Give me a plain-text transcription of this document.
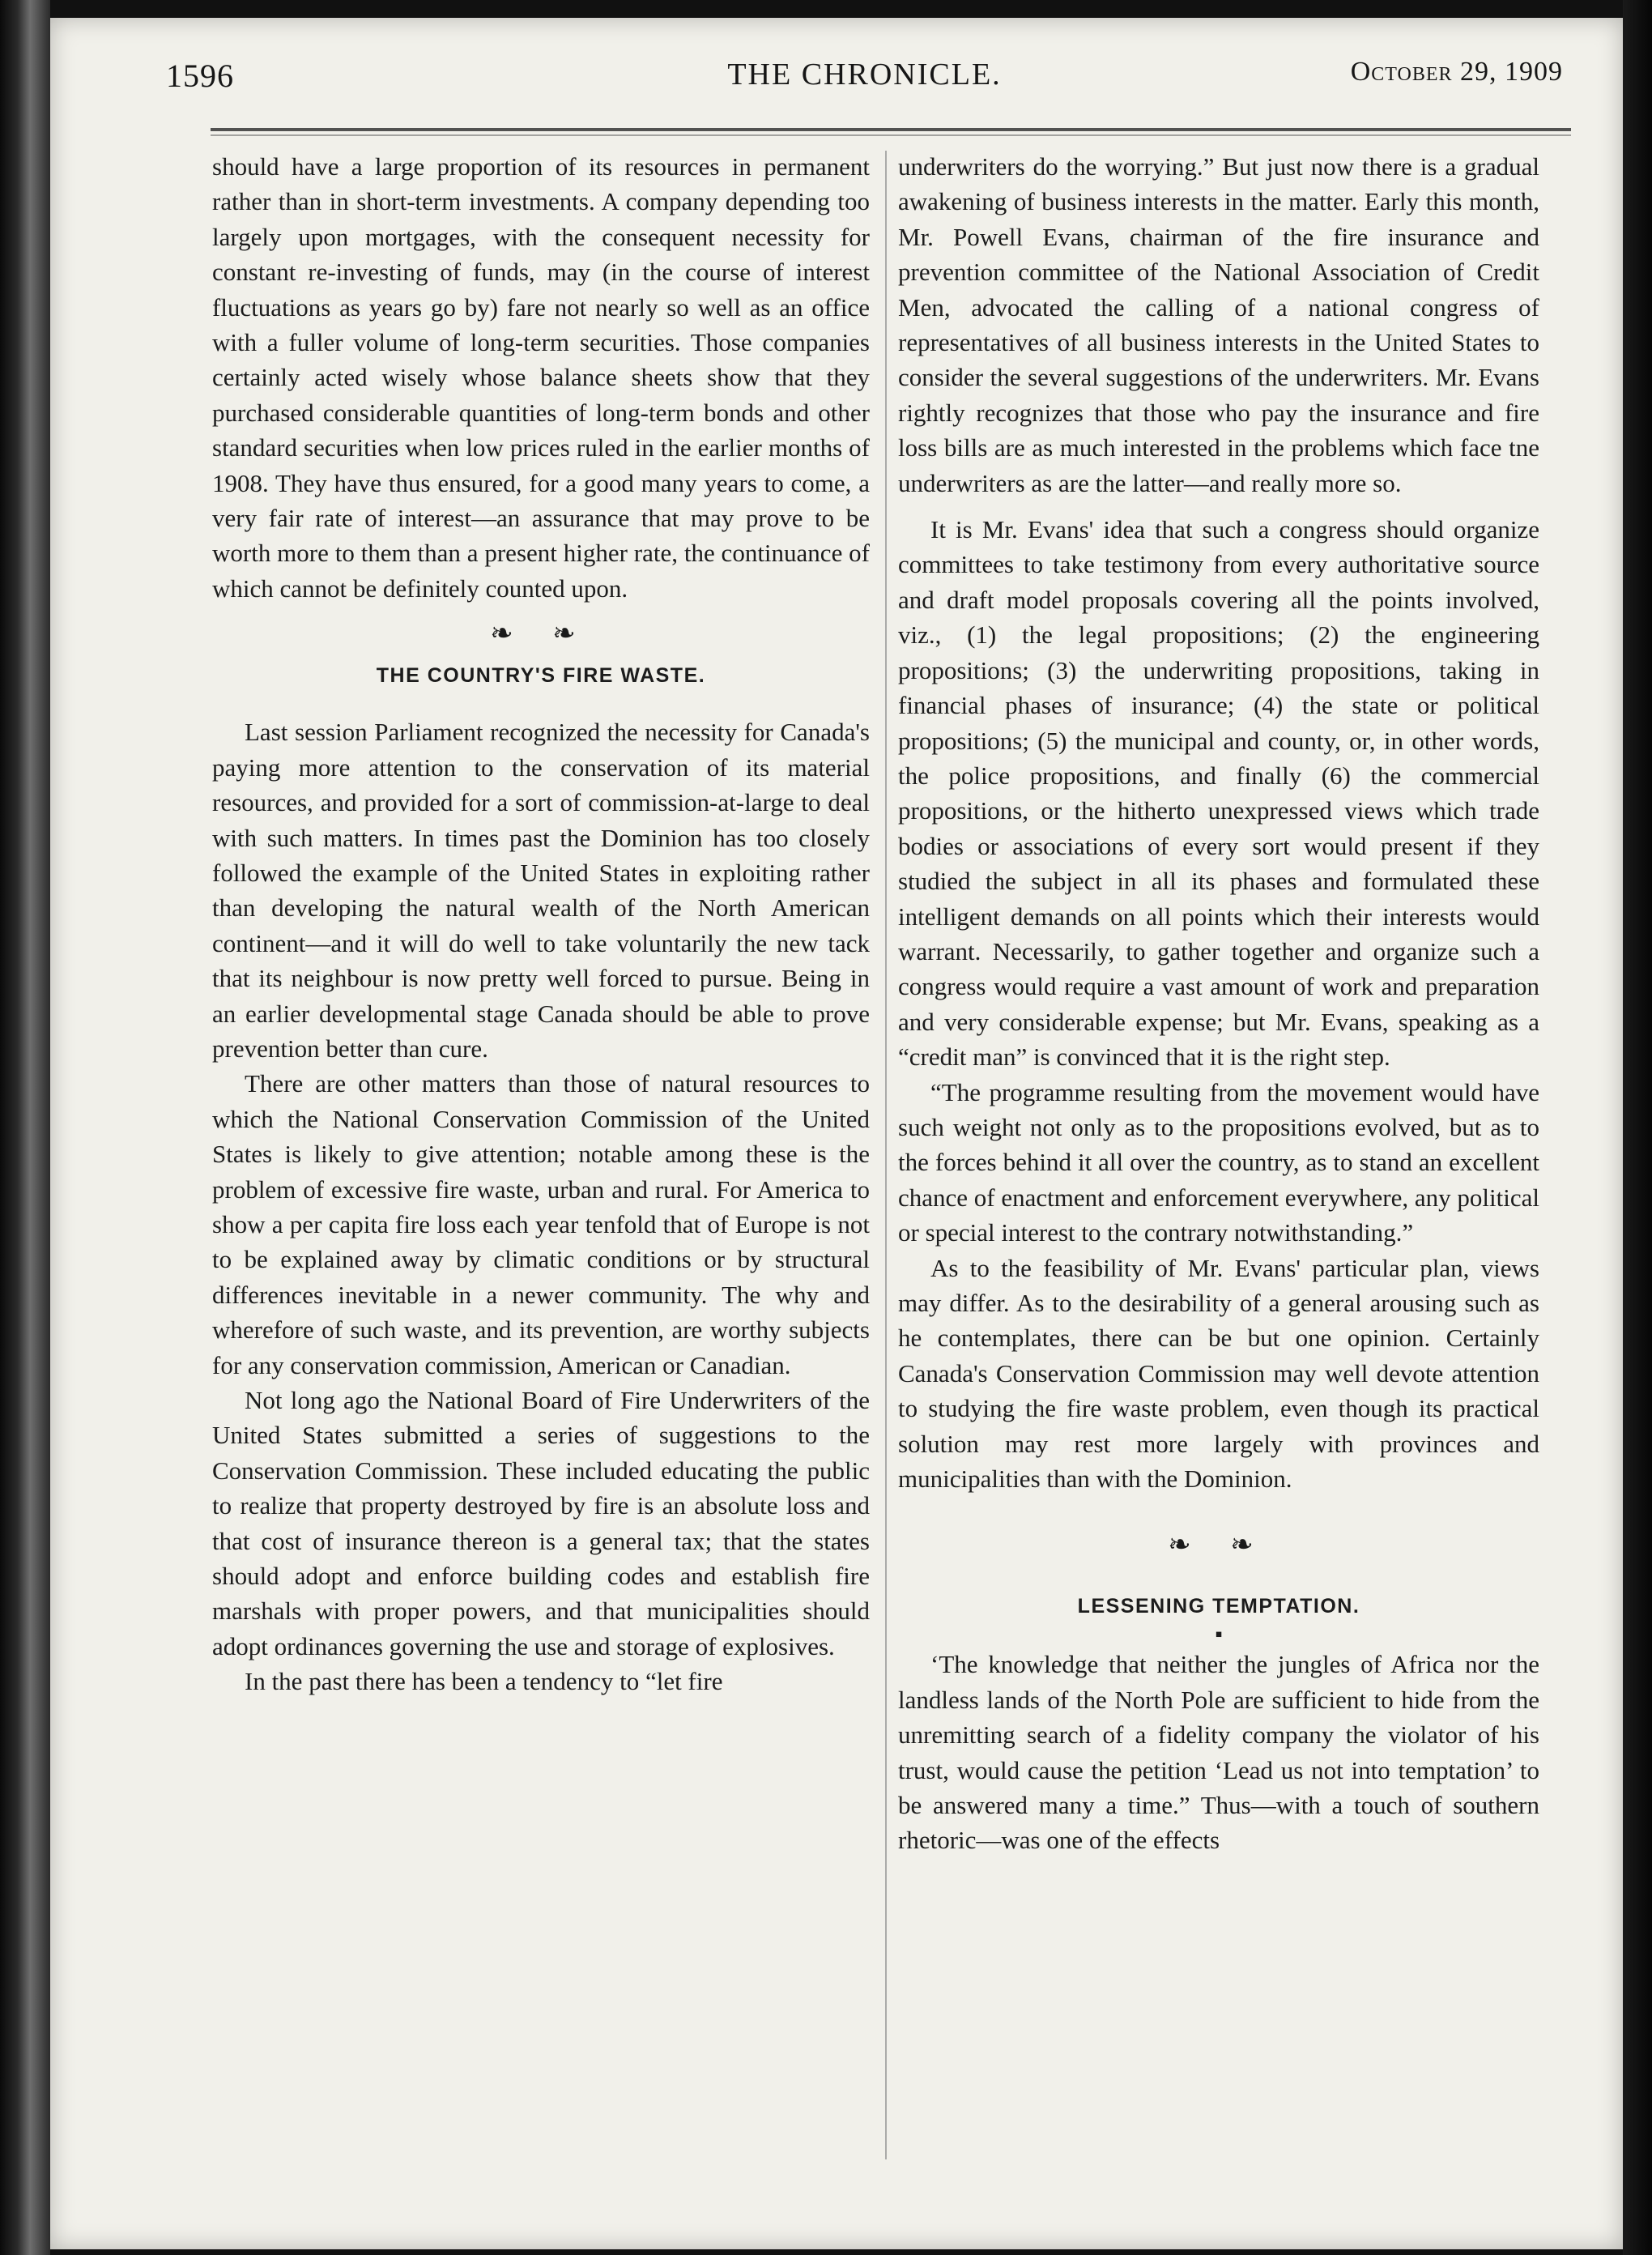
1596	THE CHRONICLE.	October 29, 1909

should have a large proportion of its resources in permanent rather than in short-term investments. A company depending too largely upon mortgages, with the consequent necessity for constant re-investing of funds, may (in the course of interest fluctuations as years go by) fare not nearly so well as an office with a fuller volume of long-term securities. Those companies certainly acted wisely whose balance sheets show that they purchased considerable quantities of long-term bonds and other standard securities when low prices ruled in the earlier months of 1908. They have thus ensured, for a good many years to come, a very fair rate of interest—an assurance that may prove to be worth more to them than a present higher rate, the continuance of which cannot be definitely counted upon.

❧ ❧
THE COUNTRY'S FIRE WASTE.

Last session Parliament recognized the necessity for Canada's paying more attention to the conservation of its material resources, and provided for a sort of commission-at-large to deal with such matters. In times past the Dominion has too closely followed the example of the United States in exploiting rather than developing the natural wealth of the North American continent—and it will do well to take voluntarily the new tack that its neighbour is now pretty well forced to pursue. Being in an earlier developmental stage Canada should be able to prove prevention better than cure.

There are other matters than those of natural resources to which the National Conservation Commission of the United States is likely to give attention; notable among these is the problem of excessive fire waste, urban and rural. For America to show a per capita fire loss each year tenfold that of Europe is not to be explained away by climatic conditions or by structural differences inevitable in a newer community. The why and wherefore of such waste, and its prevention, are worthy subjects for any conservation commission, American or Canadian.

Not long ago the National Board of Fire Underwriters of the United States submitted a series of suggestions to the Conservation Commission. These included educating the public to realize that property destroyed by fire is an absolute loss and that cost of insurance thereon is a general tax; that the states should adopt and enforce building codes and establish fire marshals with proper powers, and that municipalities should adopt ordinances governing the use and storage of explosives.

In the past there has been a tendency to “let fire

underwriters do the worrying.” But just now there is a gradual awakening of business interests in the matter. Early this month, Mr. Powell Evans, chairman of the fire insurance and prevention committee of the National Association of Credit Men, advocated the calling of a national congress of representatives of all business interests in the United States to consider the several suggestions of the underwriters. Mr. Evans rightly recognizes that those who pay the insurance and fire loss bills are as much interested in the problems which face tne underwriters as are the latter—and really more so.

It is Mr. Evans' idea that such a congress should organize committees to take testimony from every authoritative source and draft model proposals covering all the points involved, viz., (1) the legal propositions; (2) the engineering propositions; (3) the underwriting propositions, taking in financial phases of insurance; (4) the state or political propositions; (5) the municipal and county, or, in other words, the police propositions, and finally (6) the commercial propositions, or the hitherto unexpressed views which trade bodies or associations of every sort would present if they studied the subject in all its phases and formulated these intelligent demands on all points which their interests would warrant. Necessarily, to gather together and organize such a congress would require a vast amount of work and preparation and very considerable expense; but Mr. Evans, speaking as a “credit man” is convinced that it is the right step.

“The programme resulting from the movement would have such weight not only as to the propositions evolved, but as to the forces behind it all over the country, as to stand an excellent chance of enactment and enforcement everywhere, any political or special interest to the contrary notwithstanding.”

As to the feasibility of Mr. Evans' particular plan, views may differ. As to the desirability of a general arousing such as he contemplates, there can be but one opinion. Certainly Canada's Conservation Commission may well devote attention to studying the fire waste problem, even though its practical solution may rest more largely with provinces and municipalities than with the Dominion.

❧ ❧
LESSENING TEMPTATION.
▪

‘The knowledge that neither the jungles of Africa nor the landless lands of the North Pole are sufficient to hide from the unremitting search of a fidelity company the violator of his trust, would cause the petition ‘Lead us not into temptation’ to be answered many a time.” Thus—with a touch of southern rhetoric—was one of the effects
